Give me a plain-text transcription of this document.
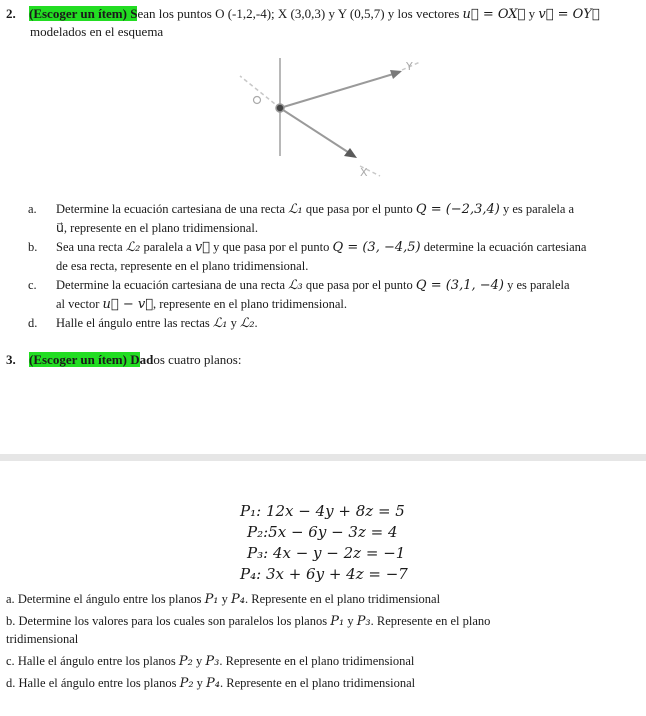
2. (Escoger un ítem) Sean los puntos O (-1,2,-4); X (3,0,3) y Y (0,5,7) y los vectores u⃗ = OX⃗ y v⃗ = OY⃗
modelados en el esquema
Y
X
O
a. Determine la ecuación cartesiana de una recta ℒ₁ que pasa por el punto Q = (−2,3,4) y es paralela a
u⃗, represente en el plano tridimensional.
b. Sea una recta ℒ₂ paralela a v⃗ y que pasa por el punto Q = (3, −4,5) determine la ecuación cartesiana
de esa recta, represente en el plano tridimensional.
c. Determine la ecuación cartesiana de una recta ℒ₃ que pasa por el punto Q = (3,1, −4) y es paralela
al vector u⃗ − v⃗, represente en el plano tridimensional.
d. Halle el ángulo entre las rectas ℒ₁ y ℒ₂.
3. (Escoger un ítem) Dados cuatro planos:
P₁: 12x − 4y + 8z = 5
P₂:5x − 6y − 3z = 4
P₃: 4x − y − 2z = −1
P₄: 3x + 6y + 4z = −7
a. Determine el ángulo entre los planos P₁ y P₄. Represente en el plano tridimensional
b. Determine los valores para los cuales son paralelos los planos P₁ y P₃. Represente en el plano
tridimensional
c. Halle el ángulo entre los planos P₂ y P₃. Represente en el plano tridimensional
d. Halle el ángulo entre los planos P₂ y P₄. Represente en el plano tridimensional
